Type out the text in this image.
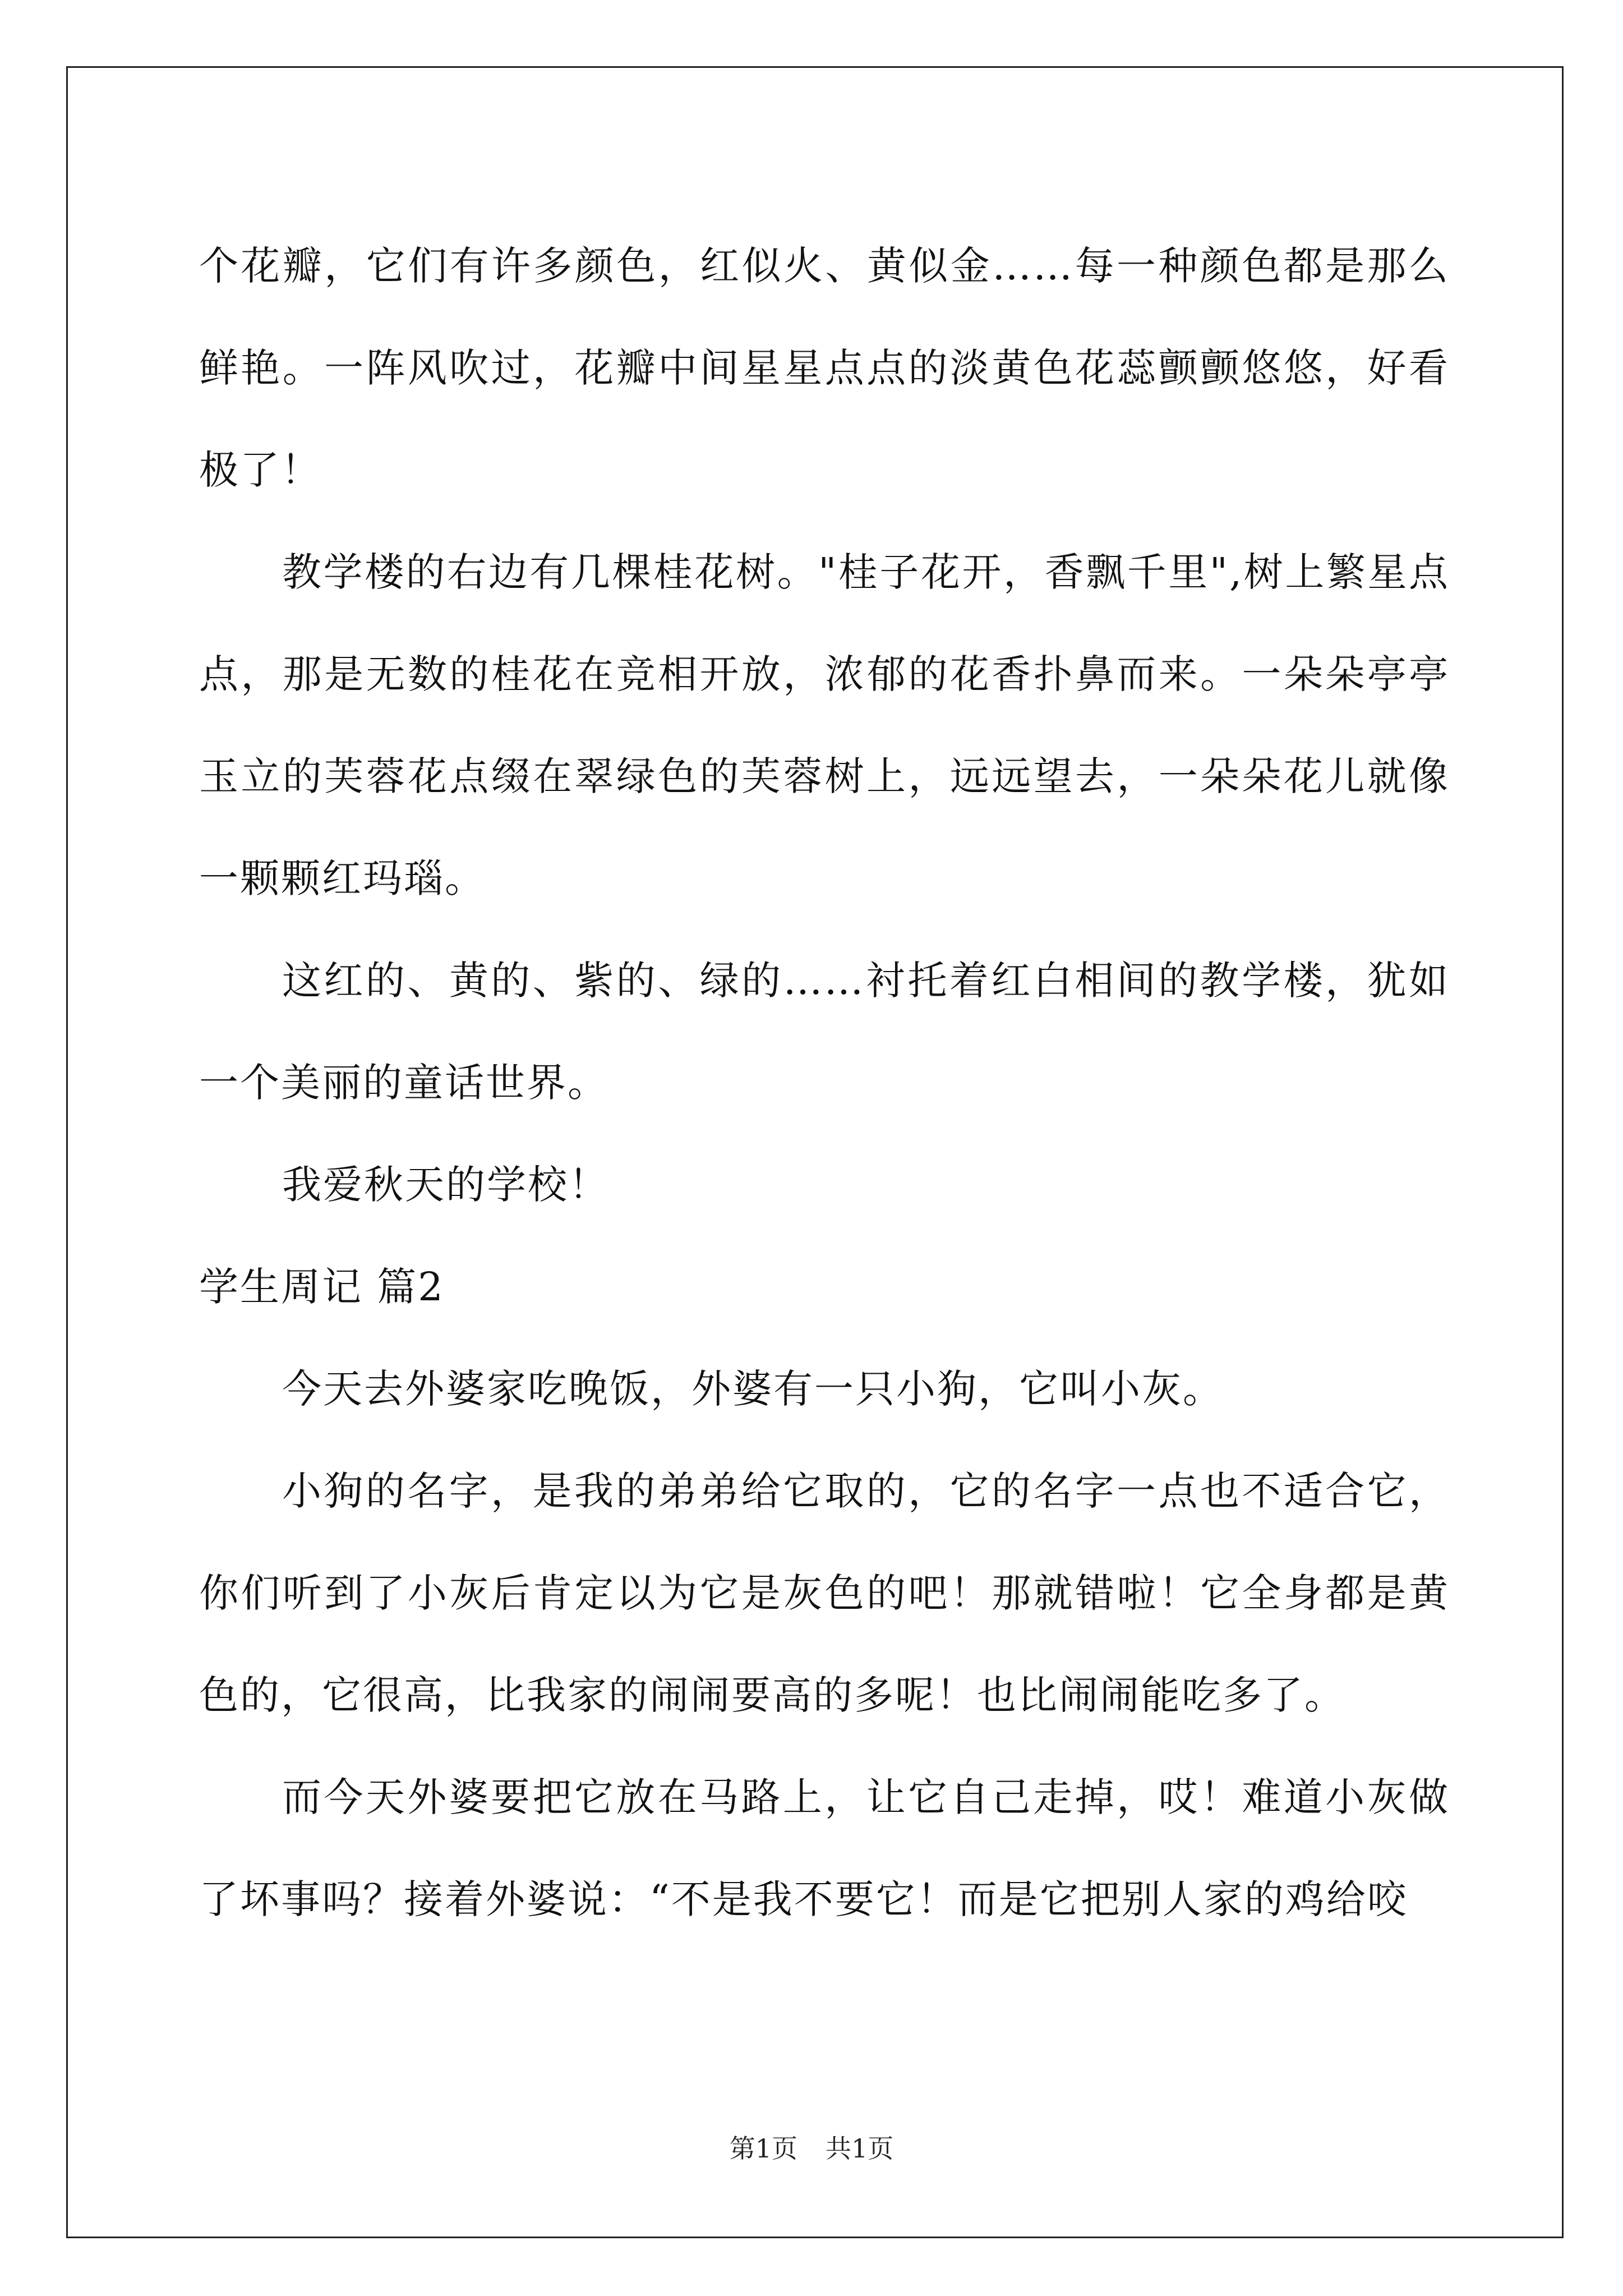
个花瓣，它们有许多颜色，红似火、黄似金……每一种颜色都是那么鲜艳。一阵风吹过，花瓣中间星星点点的淡黄色花蕊颤颤悠悠，好看极了！

教学楼的右边有几棵桂花树。"桂子花开，香飘千里",树上繁星点点，那是无数的桂花在竞相开放，浓郁的花香扑鼻而来。一朵朵亭亭玉立的芙蓉花点缀在翠绿色的芙蓉树上，远远望去，一朵朵花儿就像一颗颗红玛瑙。

这红的、黄的、紫的、绿的……衬托着红白相间的教学楼，犹如一个美丽的童话世界。

我爱秋天的学校！

学生周记 篇2

今天去外婆家吃晚饭，外婆有一只小狗，它叫小灰。

小狗的名字，是我的弟弟给它取的，它的名字一点也不适合它，你们听到了小灰后肯定以为它是灰色的吧！那就错啦！它全身都是黄色的，它很高，比我家的闹闹要高的多呢！也比闹闹能吃多了。

而今天外婆要把它放在马路上，让它自己走掉，哎！难道小灰做了坏事吗？接着外婆说：“不是我不要它！而是它把别人家的鸡给咬

第1页 共1页
